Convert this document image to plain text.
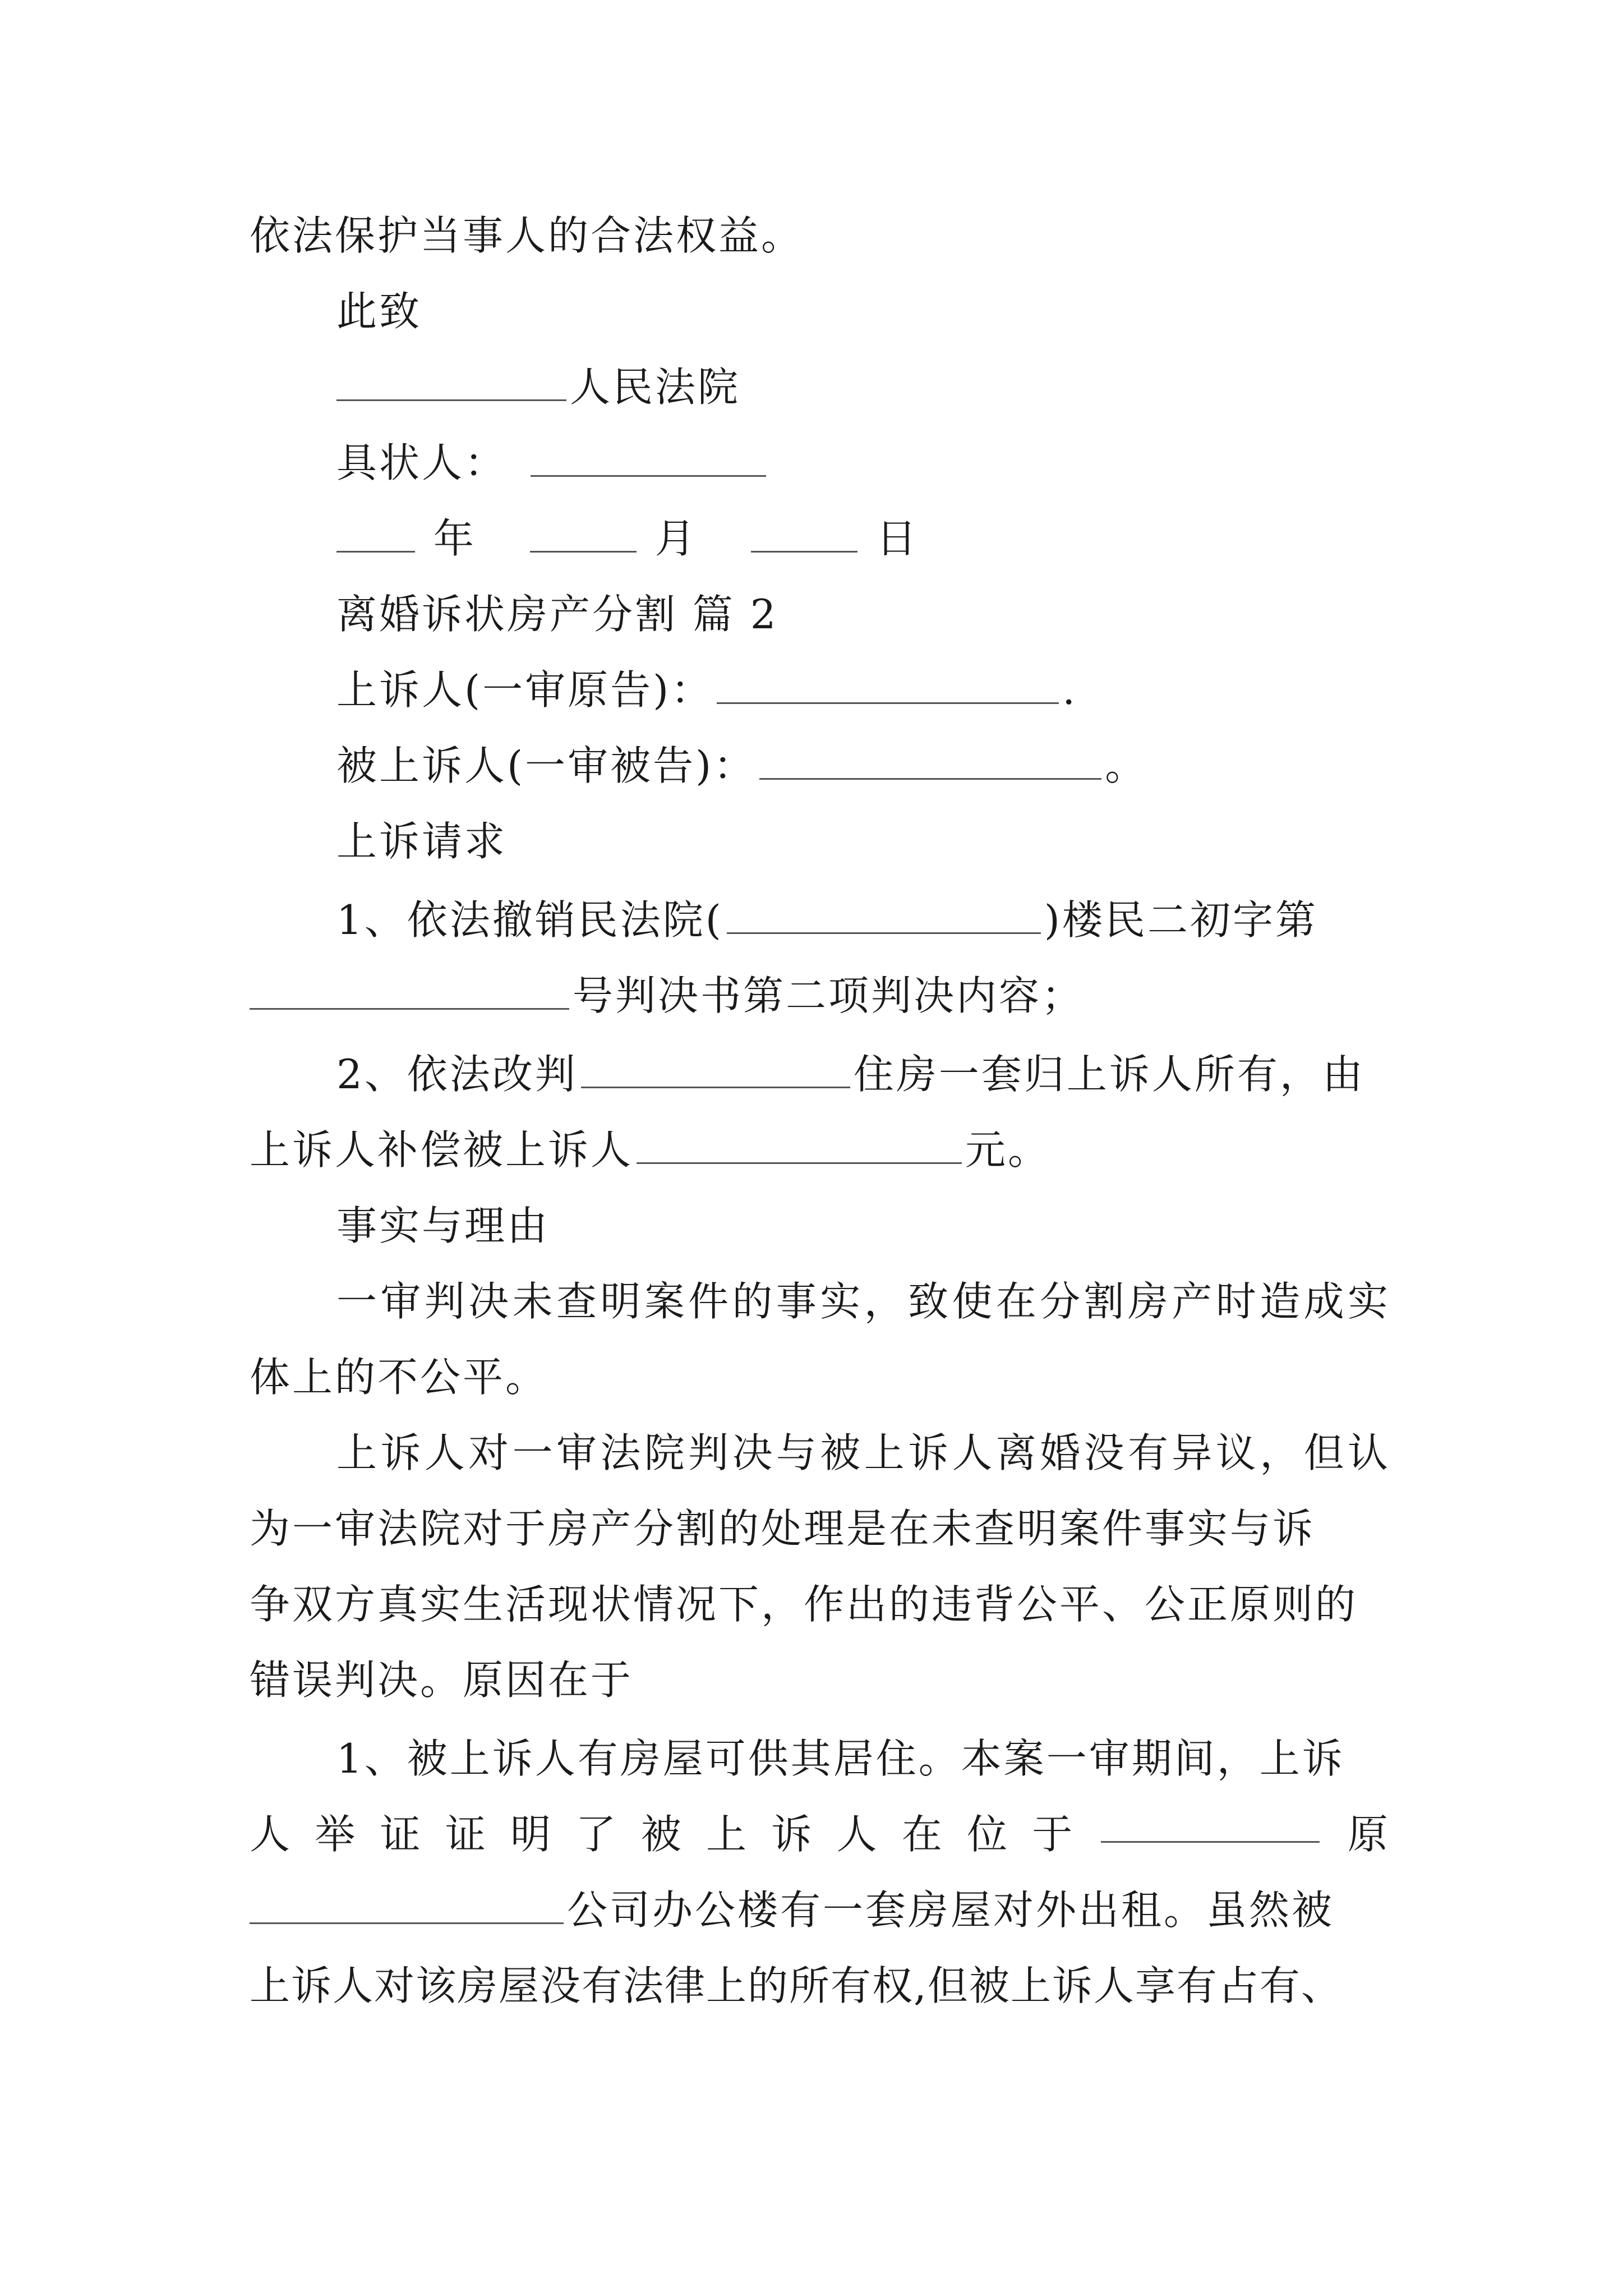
依法保护当事人的合法权益。
此致
人民法院
具状人：
年	月	日
离婚诉状房产分割 篇 2
上诉人(一审原告)：	.
被上诉人(一审被告)：	。
上诉请求
1、依法撤销民法院(	)楼民二初字第
号判决书第二项判决内容；
2、依法改判	住房一套归上诉人所有，由
上诉人补偿被上诉人	元。
事实与理由
一 审 判 决 未 查 明 案 件 的 事 实 ， 致 使 在 分 割 房 产 时 造 成 实
体上的不公平。
上 诉 人 对 一 审 法 院 判 决 与 被 上 诉 人 离 婚 没 有 异 议 ， 但 认
为一审法院对于房产分割的处理是在未查明案件事实与诉
争双方真实生活现状情况下，作出的违背公平、公正原则的
错误判决。原因在于
1、被上诉人有房屋可供其居住。本案一审期间，上诉
人 举 证 证 明 了 被 上 诉 人 在 位 于	原
公司办公楼有一套房屋对外出租。虽然被
上诉人对该房屋没有法律上的所有权,但被上诉人享有占有、
